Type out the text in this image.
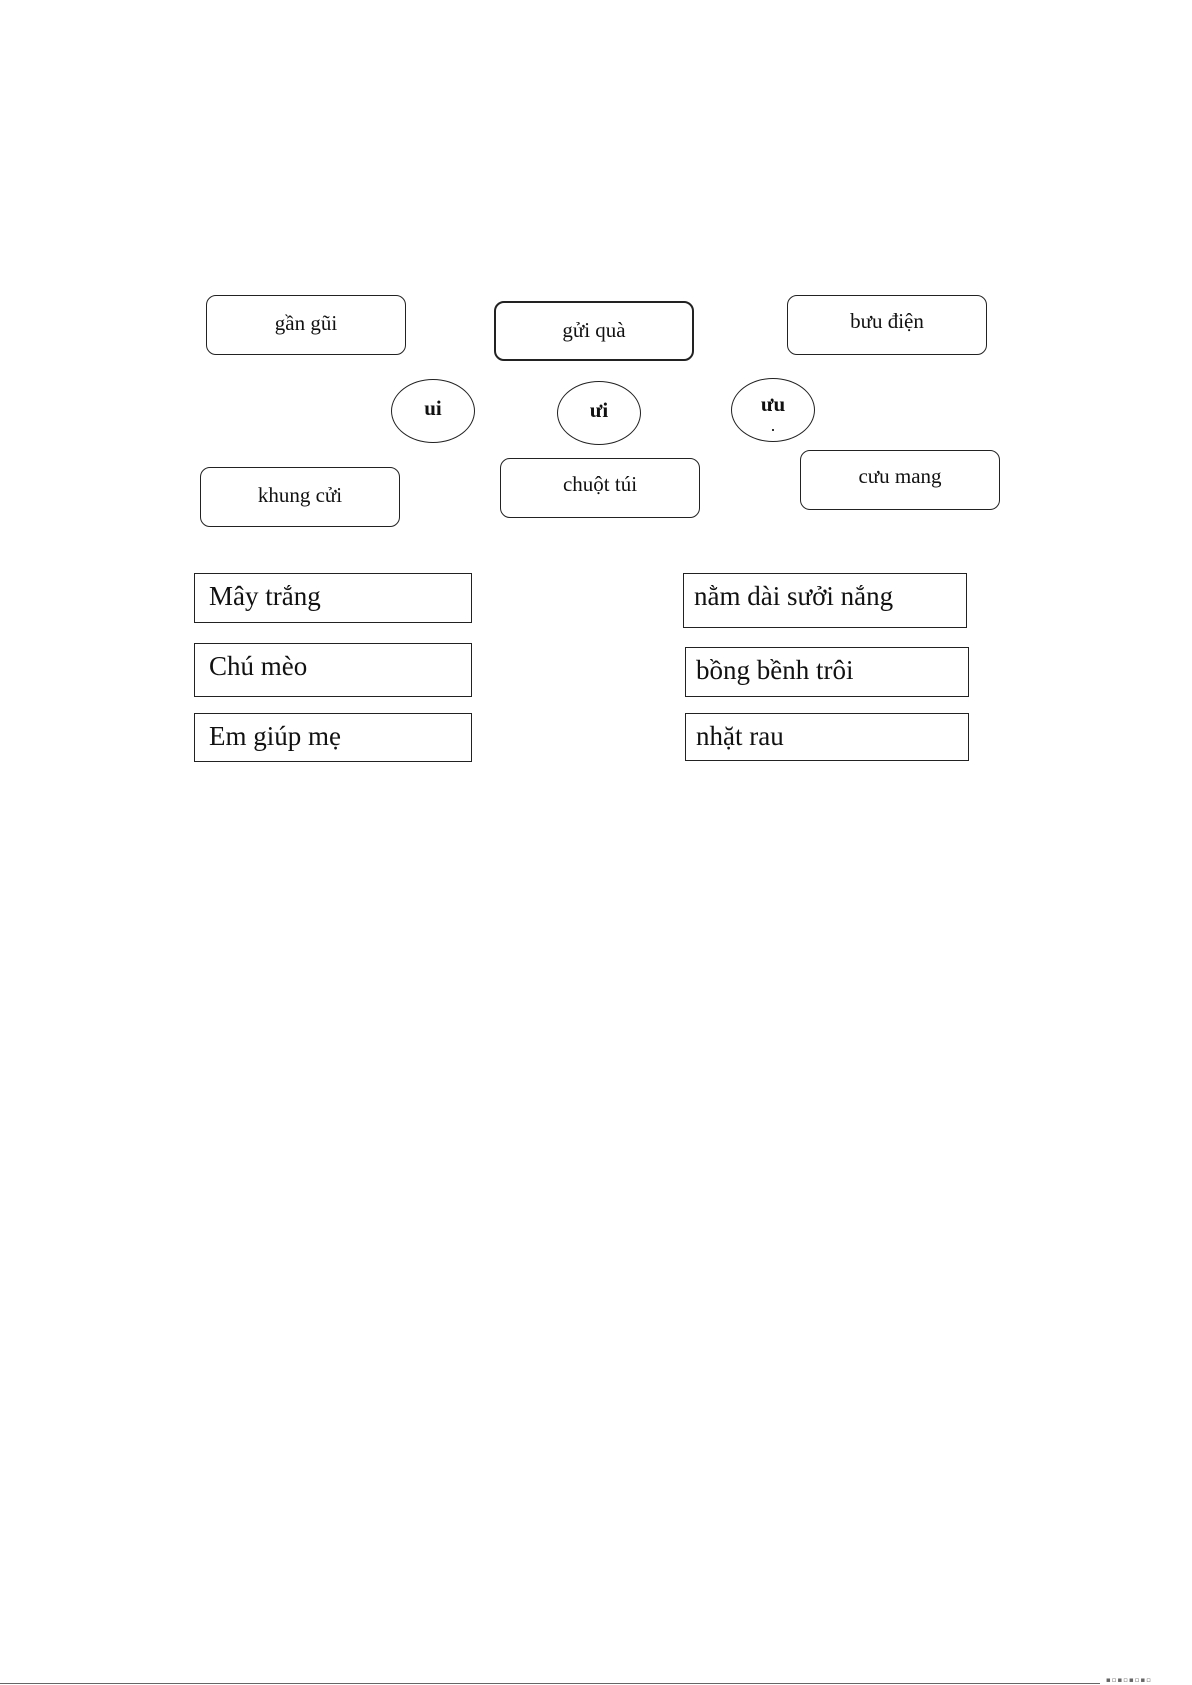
gần gũi	gửi quà	bưu điện
ui	ưi	ưu
khung cửi	chuột túi	cưu mang
Mây trắng
Chú mèo
Em giúp mẹ
nằm dài sưởi nắng
bồng bềnh trôi
nhặt rau
▪▫▪▫▪▫▪▫
